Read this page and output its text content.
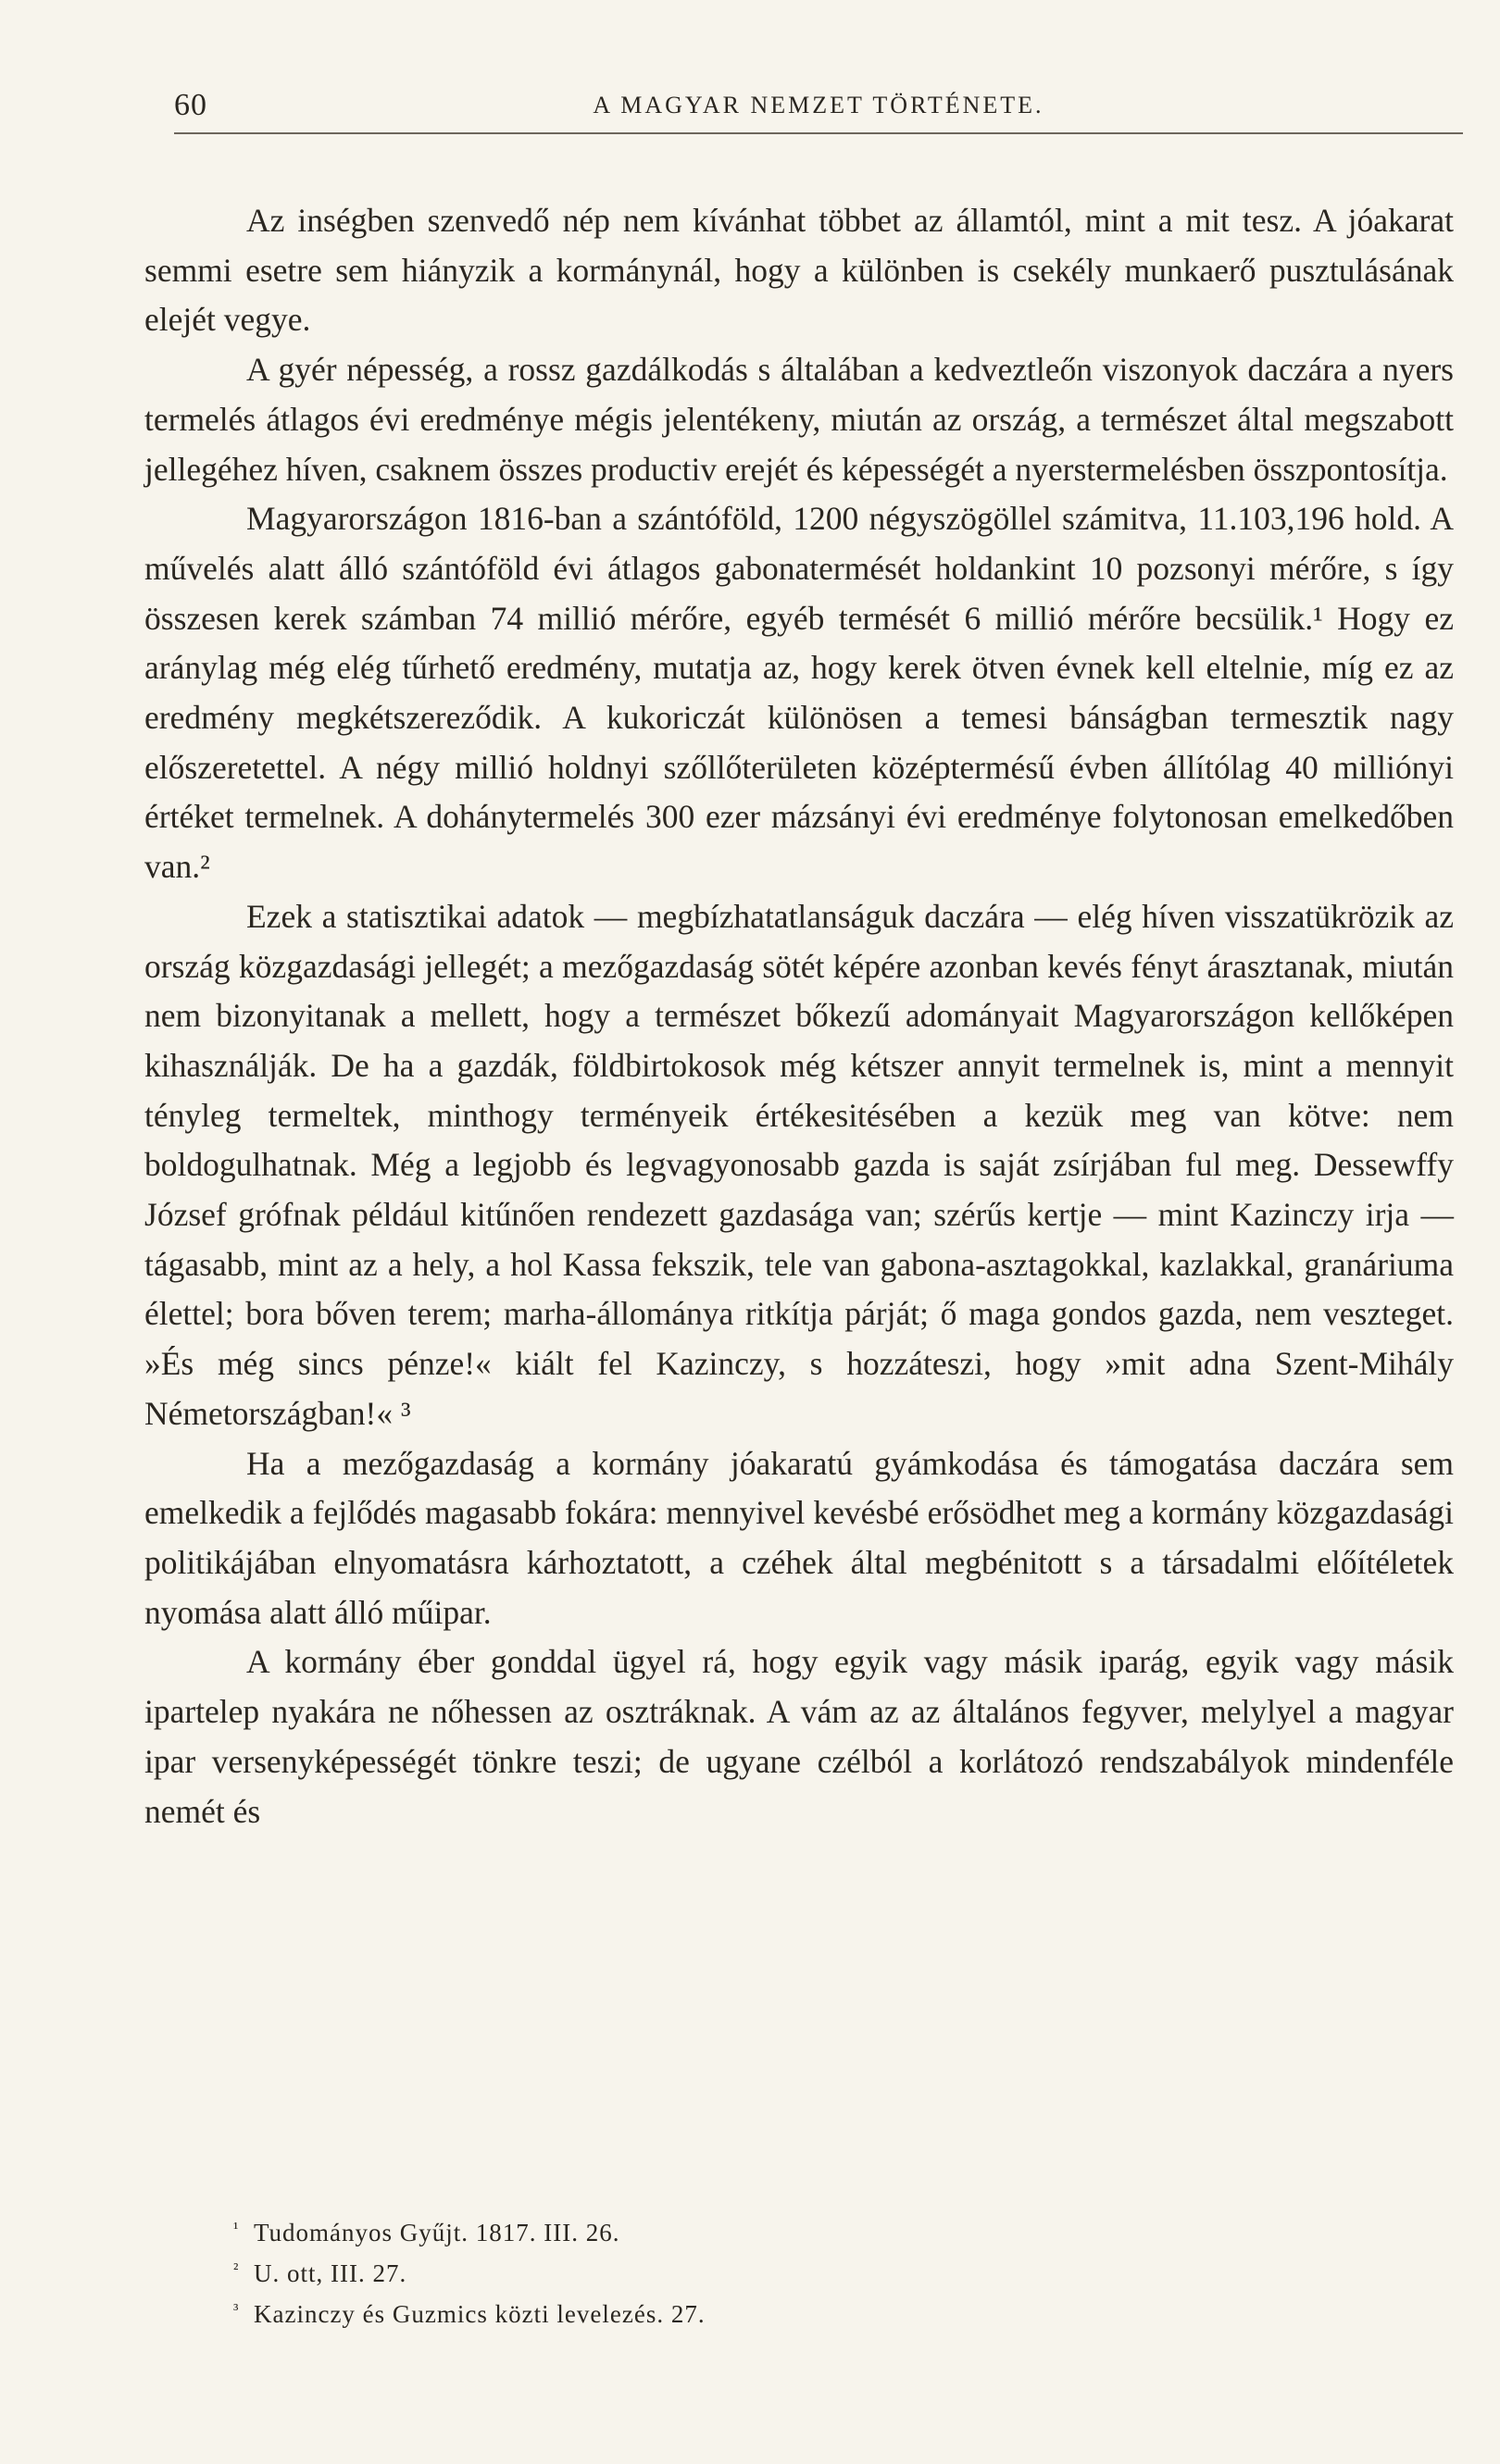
60	A MAGYAR NEMZET TÖRTÉNETE.

Az inségben szenvedő nép nem kívánhat többet az államtól, mint a mit tesz. A jóakarat semmi esetre sem hiányzik a kormánynál, hogy a különben is csekély munkaerő pusztulásának elejét vegye.

A gyér népesség, a rossz gazdálkodás s általában a kedveztleőn viszonyok daczára a nyers termelés átlagos évi eredménye mégis jelentékeny, miután az ország, a természet által megszabott jellegéhez híven, csaknem összes productiv erejét és képességét a nyerstermelésben összpontosítja.

Magyarországon 1816-ban a szántóföld, 1200 négyszögöllel számitva, 11.103,196 hold. A művelés alatt álló szántóföld évi átlagos gabonatermését holdankint 10 pozsonyi mérőre, s így összesen kerek számban 74 millió mérőre, egyéb termését 6 millió mérőre becsülik.¹ Hogy ez aránylag még elég tűrhető eredmény, mutatja az, hogy kerek ötven évnek kell eltelnie, míg ez az eredmény megkétszereződik. A kukoriczát különösen a temesi bánságban termesztik nagy előszeretettel. A négy millió holdnyi szőllőterületen középtermésű évben állítólag 40 milliónyi értéket termelnek. A dohánytermelés 300 ezer mázsányi évi eredménye folytonosan emelkedőben van.²

Ezek a statisztikai adatok — megbízhatatlanságuk daczára — elég híven visszatükrözik az ország közgazdasági jellegét; a mezőgazdaság sötét képére azonban kevés fényt árasztanak, miután nem bizonyitanak a mellett, hogy a természet bőkezű adományait Magyarországon kellőképen kihasználják. De ha a gazdák, földbirtokosok még kétszer annyit termelnek is, mint a mennyit tényleg termeltek, minthogy terményeik értékesitésében a kezük meg van kötve: nem boldogulhatnak. Még a legjobb és legvagyonosabb gazda is saját zsírjában ful meg. Dessewffy József grófnak például kitűnően rendezett gazdasága van; szérűs kertje — mint Kazinczy irja — tágasabb, mint az a hely, a hol Kassa fekszik, tele van gabona-asztagokkal, kazlakkal, granáriuma élettel; bora bőven terem; marha-állománya ritkítja párját; ő maga gondos gazda, nem veszteget. »És még sincs pénze!« kiált fel Kazinczy, s hozzáteszi, hogy »mit adna Szent-Mihály Németországban!« ³

Ha a mezőgazdaság a kormány jóakaratú gyámkodása és támogatása daczára sem emelkedik a fejlődés magasabb fokára: mennyivel kevésbé erősödhet meg a kormány közgazdasági politikájában elnyomatásra kárhoztatott, a czéhek által megbénitott s a társadalmi előítéletek nyomása alatt álló műipar.

A kormány éber gonddal ügyel rá, hogy egyik vagy másik iparág, egyik vagy másik ipartelep nyakára ne nőhessen az osztráknak. A vám az az általános fegyver, melylyel a magyar ipar versenyképességét tönkre teszi; de ugyane czélból a korlátozó rendszabályok mindenféle nemét és

¹ Tudományos Gyűjt. 1817. III. 26.
² U. ott, III. 27.
³ Kazinczy és Guzmics közti levelezés. 27.
